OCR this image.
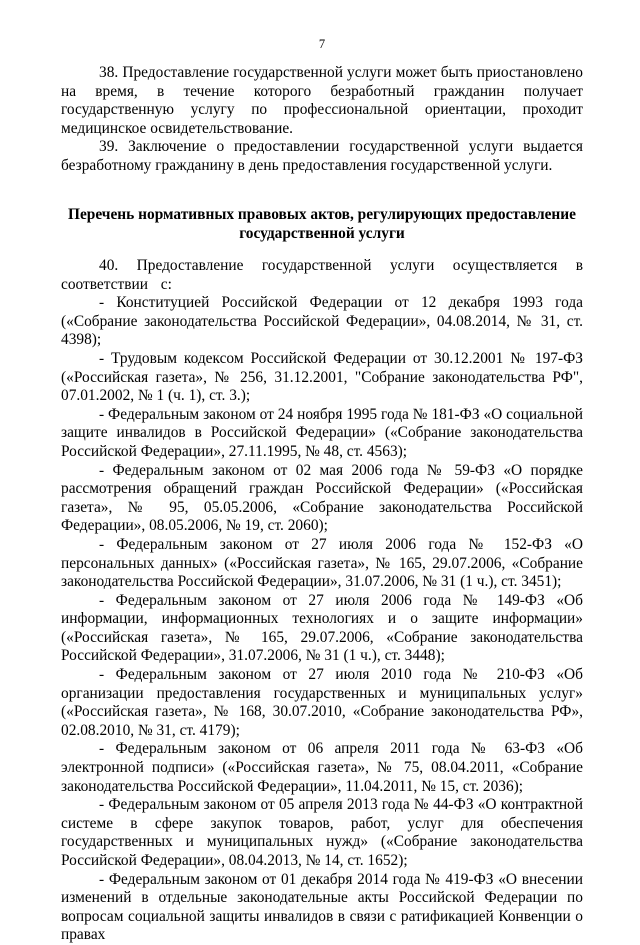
7

38. Предоставление государственной услуги может быть приостановлено на время, в течение которого безработный гражданин получает государственную услугу по профессиональной ориентации, проходит медицинское освидетельствование.

39. Заключение о предоставлении государственной услуги выдается безработному гражданину в день предоставления государственной услуги.

Перечень нормативных правовых актов, регулирующих предоставление государственной услуги

40. Предоставление государственной услуги осуществляется в соответствии с:

- Конституцией Российской Федерации от 12 декабря 1993 года («Собрание законодательства Российской Федерации», 04.08.2014, № 31, ст. 4398);

- Трудовым кодексом Российской Федерации от 30.12.2001 № 197-ФЗ («Российская газета», № 256, 31.12.2001, "Собрание законодательства РФ", 07.01.2002, № 1 (ч. 1), ст. 3.);

- Федеральным законом от 24 ноября 1995 года № 181-ФЗ «О социальной защите инвалидов в Российской Федерации» («Собрание законодательства Российской Федерации», 27.11.1995, № 48, ст. 4563);

- Федеральным законом от 02 мая 2006 года № 59-ФЗ «О порядке рассмотрения обращений граждан Российской Федерации» («Российская газета», № 95, 05.05.2006, «Собрание законодательства Российской Федерации», 08.05.2006, № 19, ст. 2060);

- Федеральным законом от 27 июля 2006 года № 152-ФЗ «О персональных данных» («Российская газета», № 165, 29.07.2006, «Собрание законодательства Российской Федерации», 31.07.2006, № 31 (1 ч.), ст. 3451);

- Федеральным законом от 27 июля 2006 года № 149-ФЗ «Об информации, информационных технологиях и о защите информации» («Российская газета», № 165, 29.07.2006, «Собрание законодательства Российской Федерации», 31.07.2006, № 31 (1 ч.), ст. 3448);

- Федеральным законом от 27 июля 2010 года № 210-ФЗ «Об организации предоставления государственных и муниципальных услуг» («Российская газета», № 168, 30.07.2010, «Собрание законодательства РФ», 02.08.2010, № 31, ст. 4179);

- Федеральным законом от 06 апреля 2011 года № 63-ФЗ «Об электронной подписи» («Российская газета», № 75, 08.04.2011, «Собрание законодательства Российской Федерации», 11.04.2011, № 15, ст. 2036);

- Федеральным законом от 05 апреля 2013 года № 44-ФЗ «О контрактной системе в сфере закупок товаров, работ, услуг для обеспечения государственных и муниципальных нужд» («Собрание законодательства Российской Федерации», 08.04.2013, № 14, ст. 1652);

- Федеральным законом от 01 декабря 2014 года № 419-ФЗ «О внесении изменений в отдельные законодательные акты Российской Федерации по вопросам социальной защиты инвалидов в связи с ратификацией Конвенции о правах
